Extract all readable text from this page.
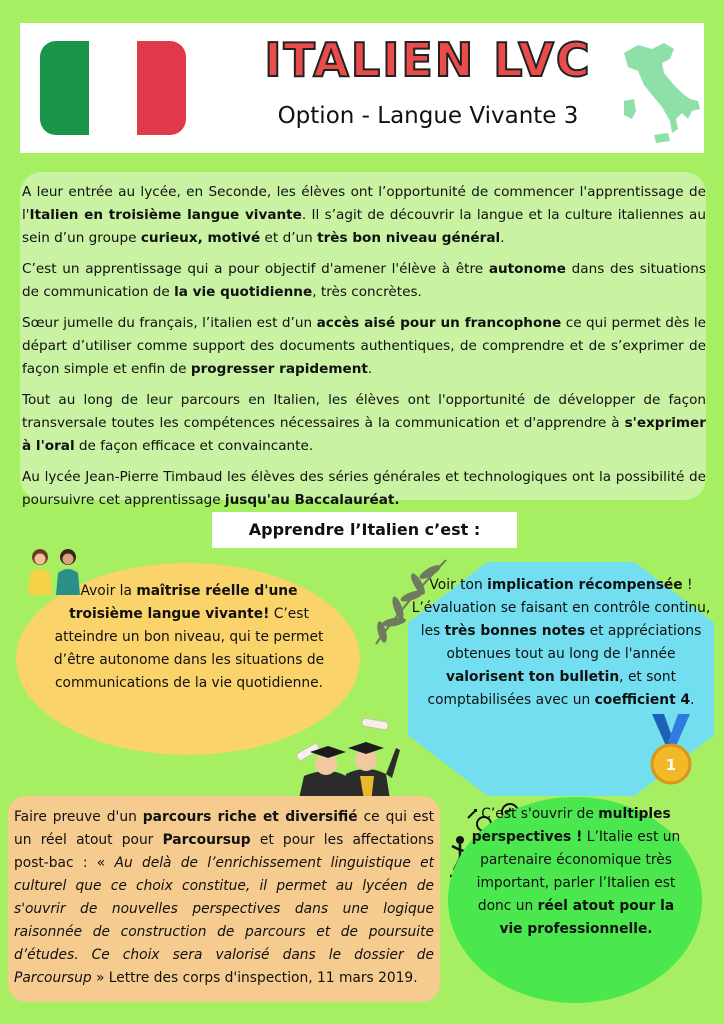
ITALIEN LVC
Option - Langue Vivante 3

A leur entrée au lycée, en Seconde, les élèves ont l’opportunité de commencer l'apprentissage de l'Italien en troisième langue vivante. Il s’agit de découvrir la langue et la culture italiennes au sein d’un groupe curieux, motivé et d’un très bon niveau général.

C’est un apprentissage qui a pour objectif d'amener l'élève à être autonome dans des situations de communication de la vie quotidienne, très concrètes.

Sœur jumelle du français, l’italien est d’un accès aisé pour un francophone ce qui permet dès le départ d’utiliser comme support des documents authentiques, de comprendre et de s’exprimer de façon simple et enfin de progresser rapidement.

Tout au long de leur parcours en Italien, les élèves ont l'opportunité de développer de façon transversale toutes les compétences nécessaires à la communication et d'apprendre à s'exprimer à l'oral de façon efficace et convaincante.

Au lycée Jean-Pierre Timbaud les élèves des séries générales et technologiques ont la possibilité de poursuivre cet apprentissage jusqu'au Baccalauréat.

Apprendre l’Italien c’est :
Avoir la maîtrise réelle d'une troisième langue vivante! C’est atteindre un bon niveau, qui te permet d’être autonome dans les situations de communications de la vie quotidienne.
Voir ton implication récompensée ! L’évaluation se faisant en contrôle continu, les très bonnes notes et appréciations obtenues tout au long de l'année valorisent ton bulletin, et sont comptabilisées avec un coefficient 4.
1
Faire preuve d'un parcours riche et diversifié ce qui est un réel atout pour Parcoursup et pour les affectations post-bac : « Au delà de l’enrichissement linguistique et culturel que ce choix constitue, il permet au lycéen de s'ouvrir de nouvelles perspectives dans une logique raisonnée de construction de parcours et de poursuite d’études. Ce choix sera valorisé dans le dossier de Parcoursup » Lettre des corps d'inspection, 11 mars 2019.
C’est s'ouvrir de multiples perspectives ! L’Italie est un partenaire économique très important, parler l’Italien est donc un réel atout pour la vie professionnelle.
